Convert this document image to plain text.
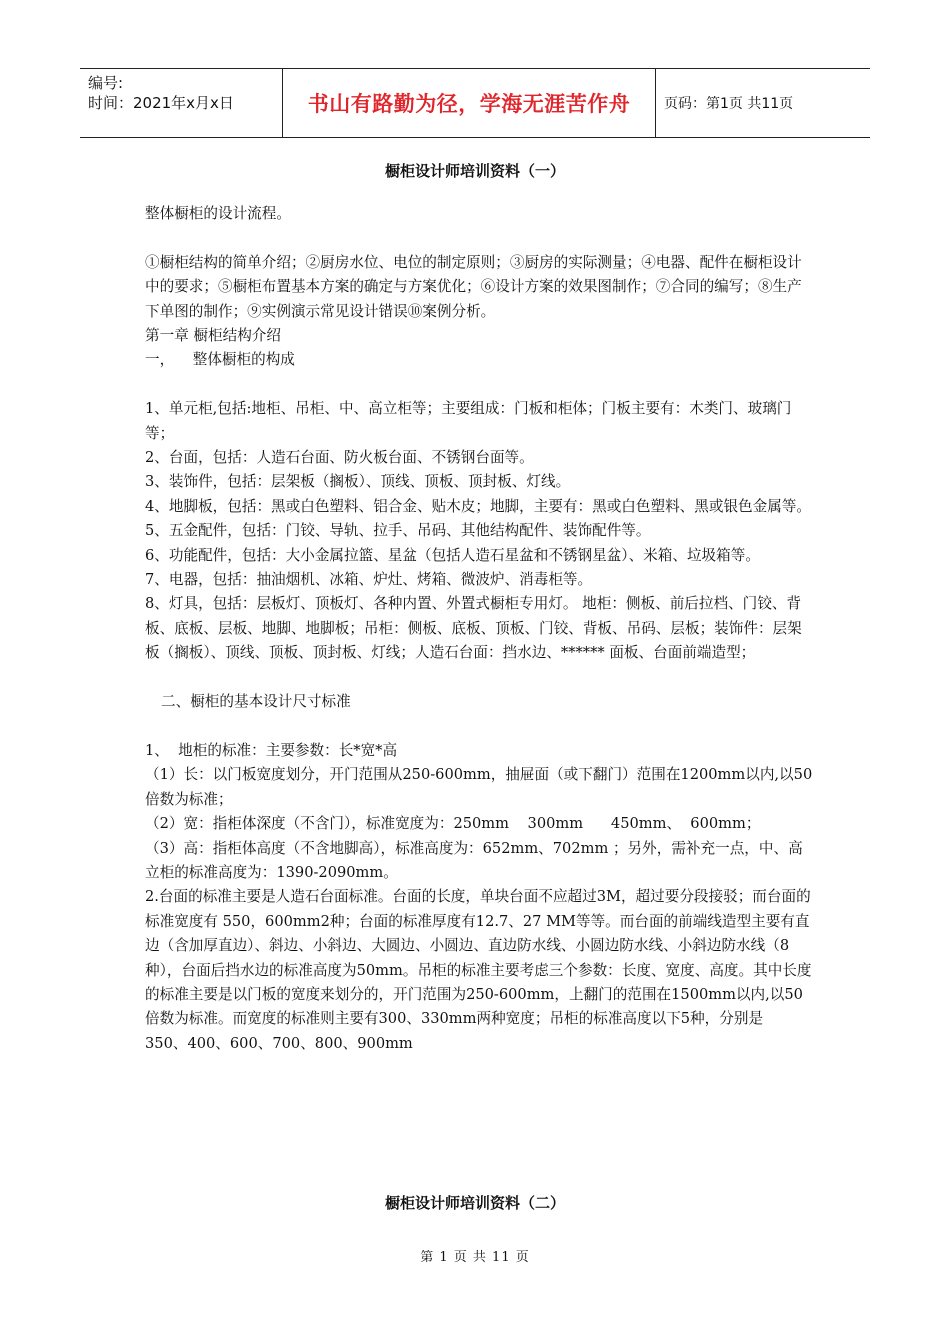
编号:
时间：2021年x月x日	书山有路勤为径，学海无涯苦作舟	页码：第1页 共11页
橱柜设计师培训资料（一）

整体橱柜的设计流程。

①橱柜结构的简单介绍；②厨房水位、电位的制定原则；③厨房的实际测量；④电器、配件在橱柜设计中的要求；⑤橱柜布置基本方案的确定与方案优化；⑥设计方案的效果图制作；⑦合同的编写；⑧生产下单图的制作；⑨实例演示常见设计错误⑩案例分析。

第一章 橱柜结构介绍

一，    整体橱柜的构成

1、单元柜,包括:地柜、吊柜、中、高立柜等；主要组成：门板和柜体；门板主要有：木类门、玻璃门等；

2、台面，包括：人造石台面、防火板台面、不锈钢台面等。

3、装饰件，包括：层架板（搁板）、顶线、顶板、顶封板、灯线。

4、地脚板，包括：黑或白色塑料、铝合金、贴木皮；地脚，主要有：黑或白色塑料、黑或银色金属等。

5、五金配件，包括：门铰、导轨、拉手、吊码、其他结构配件、装饰配件等。

6、功能配件，包括：大小金属拉篮、星盆（包括人造石星盆和不锈钢星盆）、米箱、垃圾箱等。

7、电器，包括：抽油烟机、冰箱、炉灶、烤箱、微波炉、消毒柜等。

8、灯具，包括：层板灯、顶板灯、各种内置、外置式橱柜专用灯。 地柜：侧板、前后拉档、门铰、背板、底板、层板、地脚、地脚板；吊柜：侧板、底板、顶板、门铰、背板、吊码、层板；装饰件：层架板（搁板）、顶线、顶板、顶封板、灯线；人造石台面：挡水边、****** 面板、台面前端造型；

二、橱柜的基本设计尺寸标准

1、  地柜的标准：主要参数：长*宽*高

（1）长：以门板宽度划分，开门范围从250-600mm，抽屉面（或下翻门）范围在1200mm以内,以50倍数为标准；

（2）宽：指柜体深度（不含门），标准宽度为：250mm    300mm      450mm、  600mm；

（3）高：指柜体高度（不含地脚高），标准高度为：652mm、702mm ；另外，需补充一点，中、高立柜的标准高度为：1390-2090mm。

2.台面的标准主要是人造石台面标准。台面的长度，单块台面不应超过3M，超过要分段接驳；而台面的标准宽度有 550，600mm2种；台面的标准厚度有12.7、27 MM等等。而台面的前端线造型主要有直边（含加厚直边）、斜边、小斜边、大圆边、小圆边、直边防水线、小圆边防水线、小斜边防水线（8种），台面后挡水边的标准高度为50mm。吊柜的标准主要考虑三个参数：长度、宽度、高度。其中长度的标准主要是以门板的宽度来划分的，开门范围为250-600mm，上翻门的范围在1500mm以内,以50倍数为标准。而宽度的标准则主要有300、330mm两种宽度；吊柜的标准高度以下5种，分别是

350、400、600、700、800、900mm

橱柜设计师培训资料（二）
第 1 页 共 11 页
